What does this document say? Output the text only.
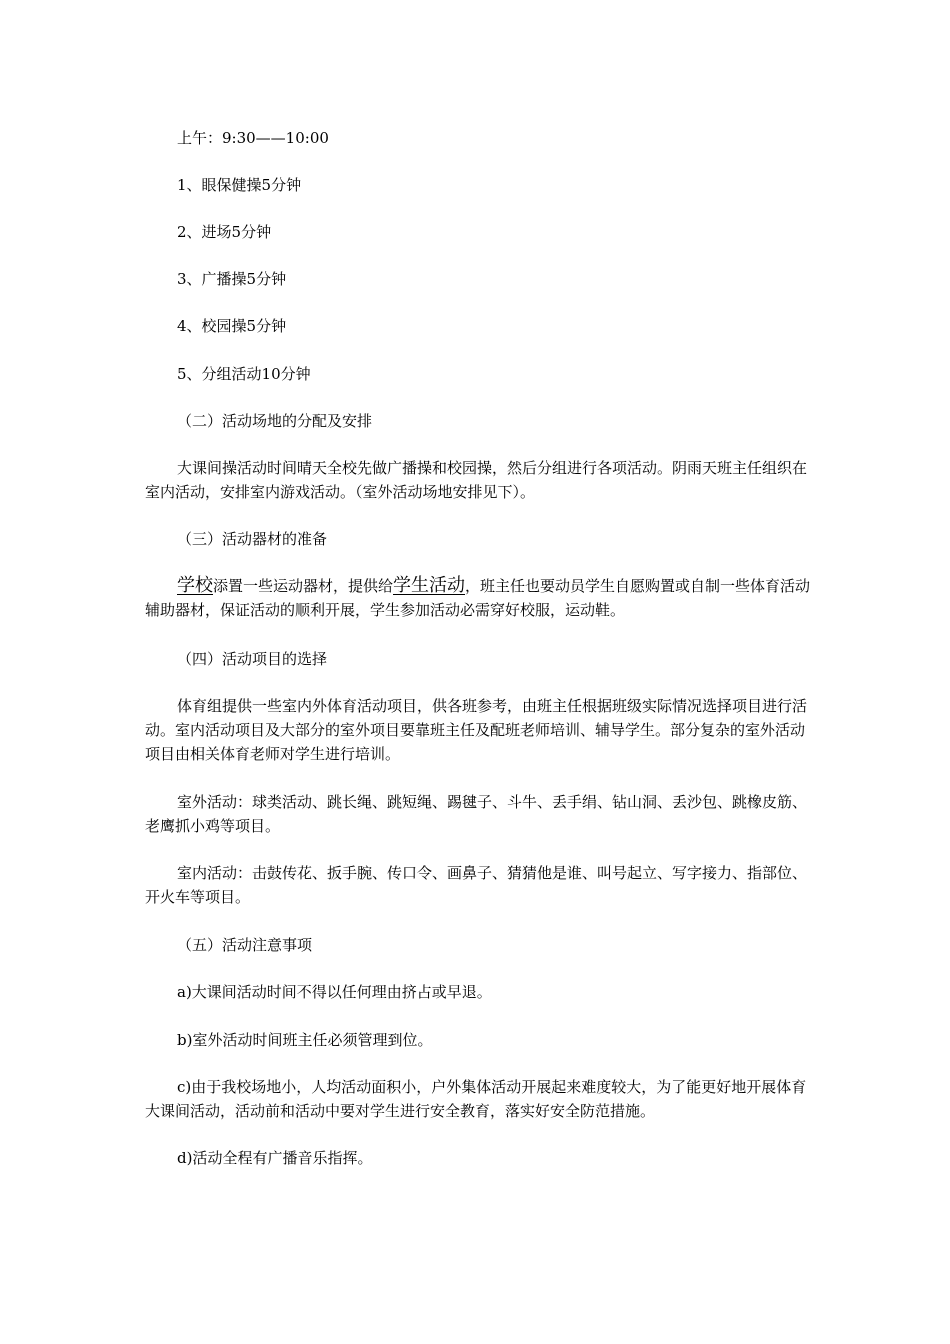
上午：9:30——10:00

1、眼保健操5分钟

2、进场5分钟

3、广播操5分钟

4、校园操5分钟

5、分组活动10分钟

（二）活动场地的分配及安排

大课间操活动时间晴天全校先做广播操和校园操，然后分组进行各项活动。阴雨天班主任组织在室内活动，安排室内游戏活动。（室外活动场地安排见下）。

（三）活动器材的准备

学校添置一些运动器材，提供给学生活动，班主任也要动员学生自愿购置或自制一些体育活动辅助器材，保证活动的顺利开展，学生参加活动必需穿好校服，运动鞋。

（四）活动项目的选择

体育组提供一些室内外体育活动项目，供各班参考，由班主任根据班级实际情况选择项目进行活动。室内活动项目及大部分的室外项目要靠班主任及配班老师培训、辅导学生。部分复杂的室外活动项目由相关体育老师对学生进行培训。

室外活动：球类活动、跳长绳、跳短绳、踢毽子、斗牛、丢手绢、钻山洞、丢沙包、跳橡皮筋、老鹰抓小鸡等项目。

室内活动：击鼓传花、扳手腕、传口令、画鼻子、猜猜他是谁、叫号起立、写字接力、指部位、开火车等项目。

（五）活动注意事项

a)大课间活动时间不得以任何理由挤占或早退。

b)室外活动时间班主任必须管理到位。

c)由于我校场地小，人均活动面积小，户外集体活动开展起来难度较大，为了能更好地开展体育大课间活动，活动前和活动中要对学生进行安全教育，落实好安全防范措施。

d)活动全程有广播音乐指挥。
